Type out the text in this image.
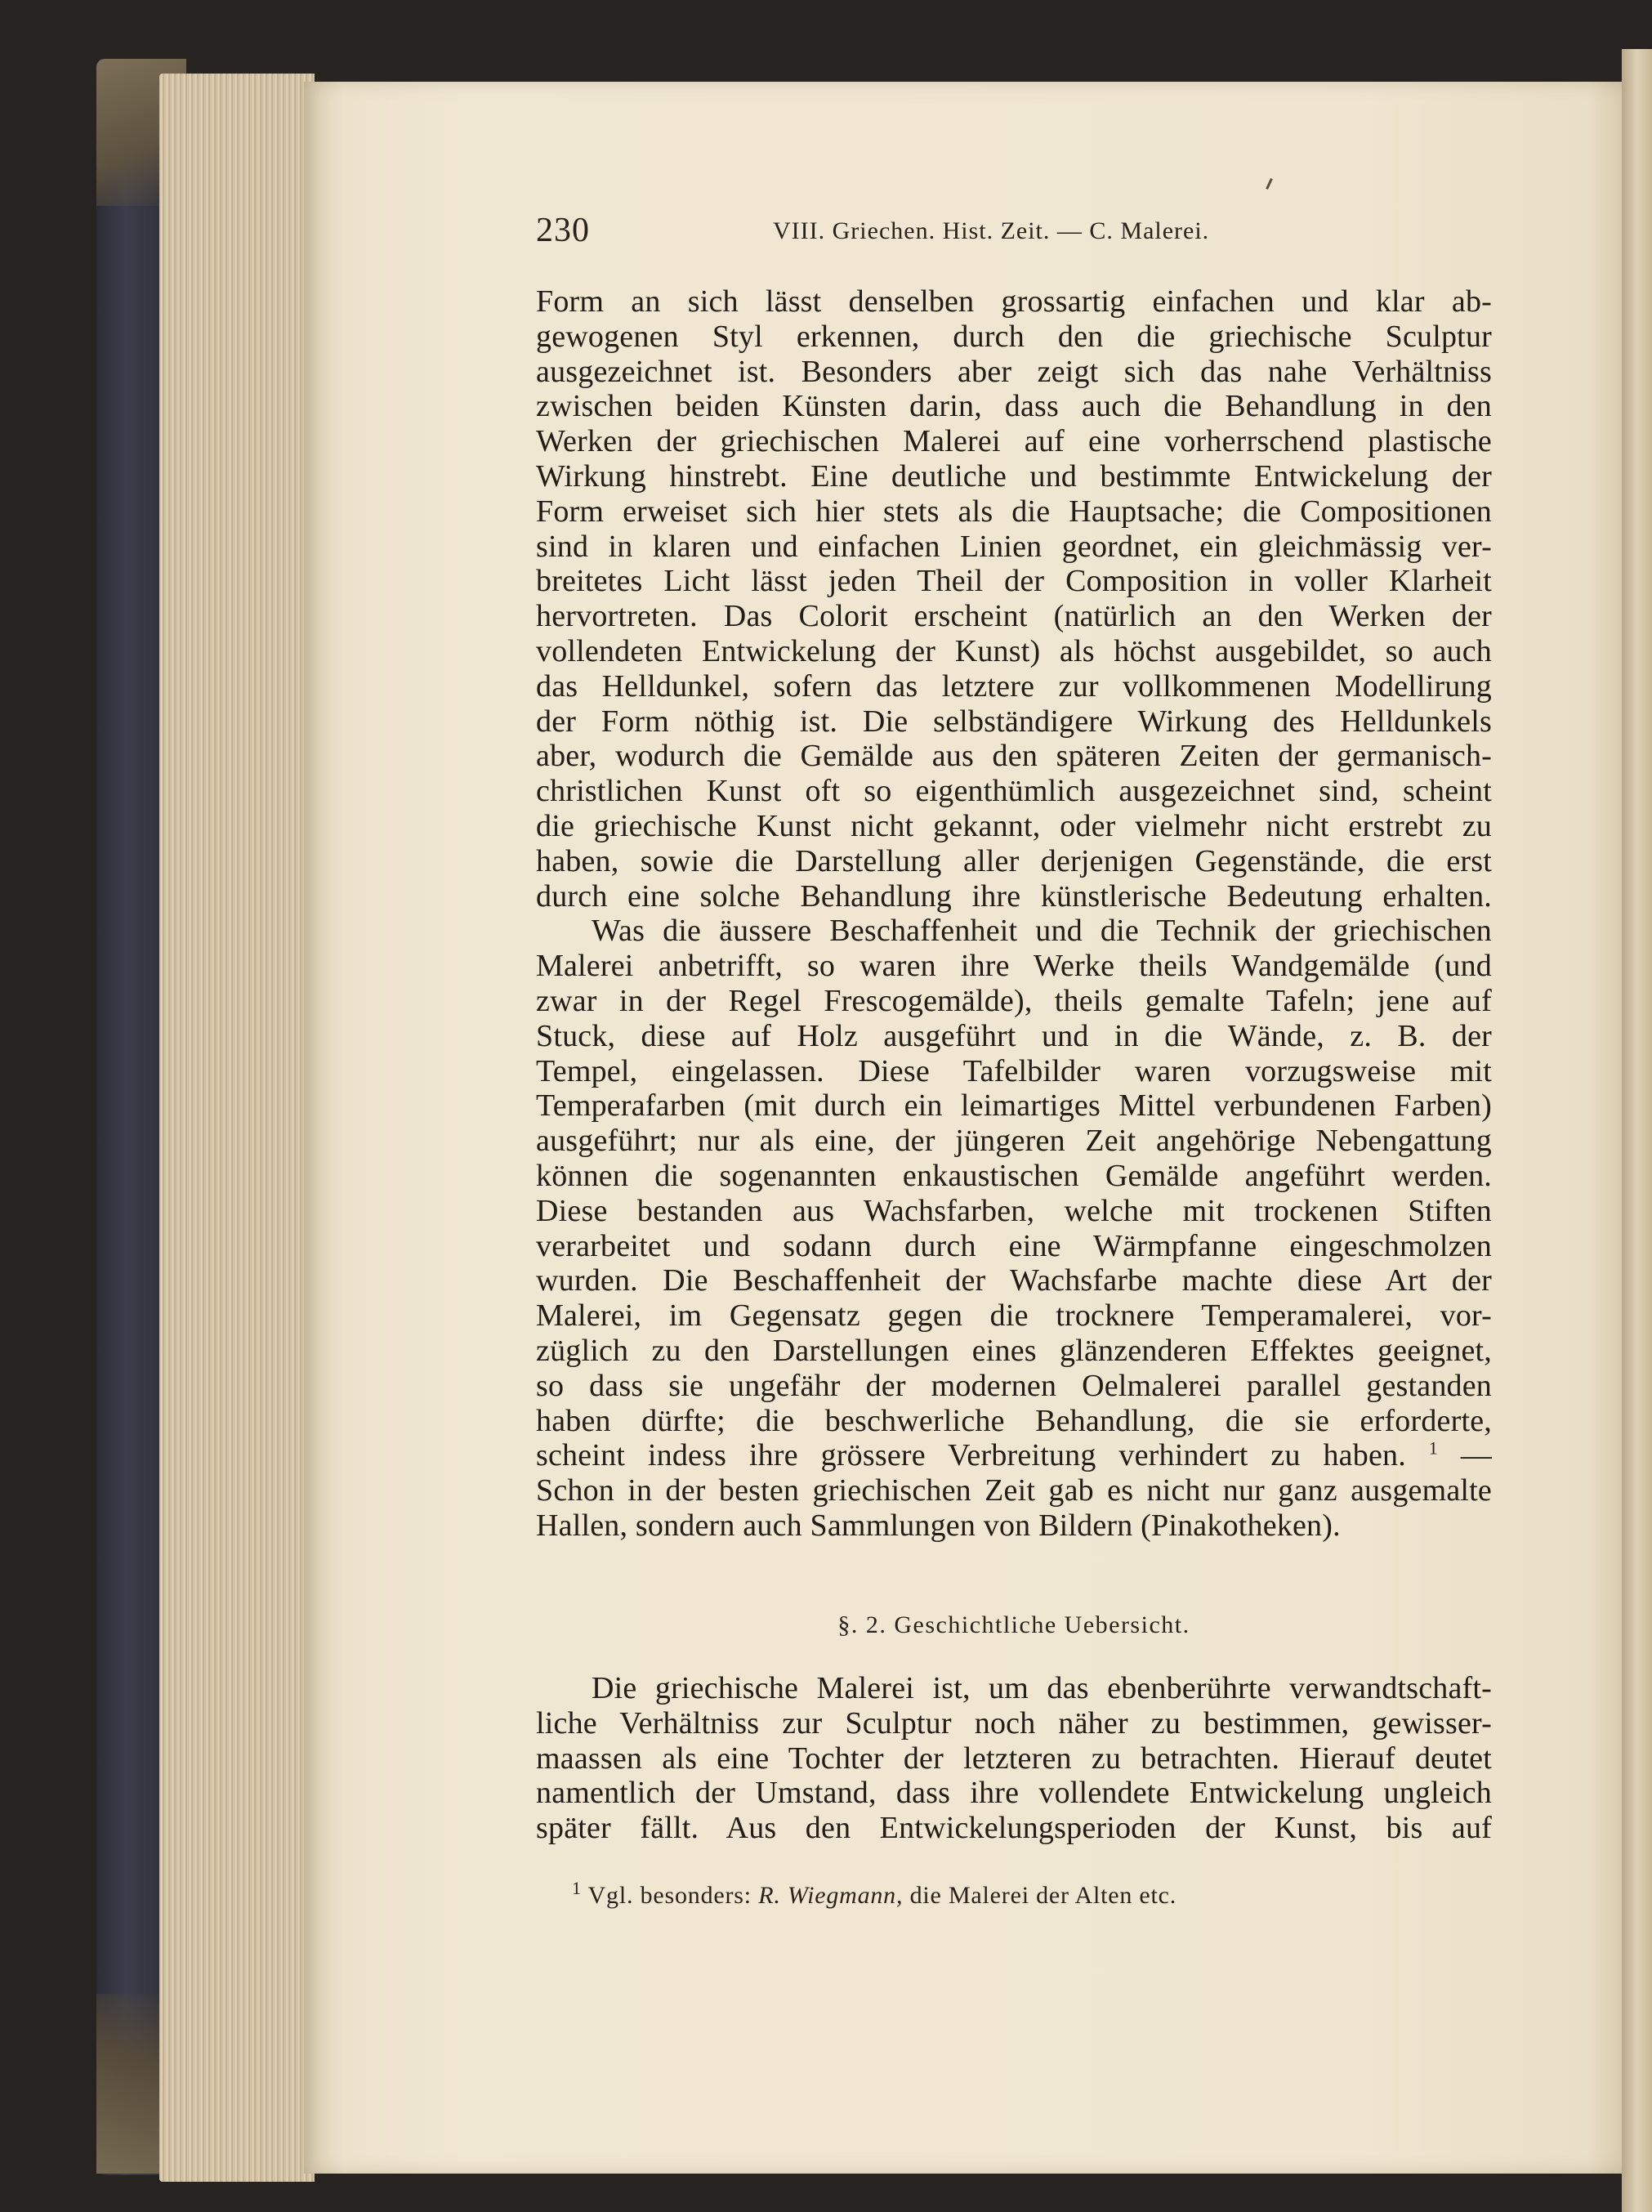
230	VIII. Griechen. Hist. Zeit. — C. Malerei.
Form an sich lässt denselben grossartig einfachen und klar ab-
gewogenen Styl erkennen, durch den die griechische Sculptur
ausgezeichnet ist. Besonders aber zeigt sich das nahe Verhältniss
zwischen beiden Künsten darin, dass auch die Behandlung in den
Werken der griechischen Malerei auf eine vorherrschend plastische
Wirkung hinstrebt. Eine deutliche und bestimmte Entwickelung der
Form erweiset sich hier stets als die Hauptsache; die Compositionen
sind in klaren und einfachen Linien geordnet, ein gleichmässig ver-
breitetes Licht lässt jeden Theil der Composition in voller Klarheit
hervortreten. Das Colorit erscheint (natürlich an den Werken der
vollendeten Entwickelung der Kunst) als höchst ausgebildet, so auch
das Helldunkel, sofern das letztere zur vollkommenen Modellirung
der Form nöthig ist. Die selbständigere Wirkung des Helldunkels
aber, wodurch die Gemälde aus den späteren Zeiten der germanisch-
christlichen Kunst oft so eigenthümlich ausgezeichnet sind, scheint
die griechische Kunst nicht gekannt, oder vielmehr nicht erstrebt zu
haben, sowie die Darstellung aller derjenigen Gegenstände, die erst
durch eine solche Behandlung ihre künstlerische Bedeutung erhalten.
Was die äussere Beschaffenheit und die Technik der griechischen
Malerei anbetrifft, so waren ihre Werke theils Wandgemälde (und
zwar in der Regel Frescogemälde), theils gemalte Tafeln; jene auf
Stuck, diese auf Holz ausgeführt und in die Wände, z. B. der
Tempel, eingelassen. Diese Tafelbilder waren vorzugsweise mit
Temperafarben (mit durch ein leimartiges Mittel verbundenen Farben)
ausgeführt; nur als eine, der jüngeren Zeit angehörige Nebengattung
können die sogenannten enkaustischen Gemälde angeführt werden.
Diese bestanden aus Wachsfarben, welche mit trockenen Stiften
verarbeitet und sodann durch eine Wärmpfanne eingeschmolzen
wurden. Die Beschaffenheit der Wachsfarbe machte diese Art der
Malerei, im Gegensatz gegen die trocknere Temperamalerei, vor-
züglich zu den Darstellungen eines glänzenderen Effektes geeignet,
so dass sie ungefähr der modernen Oelmalerei parallel gestanden
haben dürfte; die beschwerliche Behandlung, die sie erforderte,
scheint indess ihre grössere Verbreitung verhindert zu haben. $^1$ —
Schon in der besten griechischen Zeit gab es nicht nur ganz ausgemalte
Hallen, sondern auch Sammlungen von Bildern (Pinakotheken).
§. 2. Geschichtliche Uebersicht.
Die griechische Malerei ist, um das ebenberührte verwandtschaft-
liche Verhältniss zur Sculptur noch näher zu bestimmen, gewisser-
maassen als eine Tochter der letzteren zu betrachten. Hierauf deutet
namentlich der Umstand, dass ihre vollendete Entwickelung ungleich
später fällt. Aus den Entwickelungsperioden der Kunst, bis auf
$^1$ Vgl. besonders: R. Wiegmann, die Malerei der Alten etc.
